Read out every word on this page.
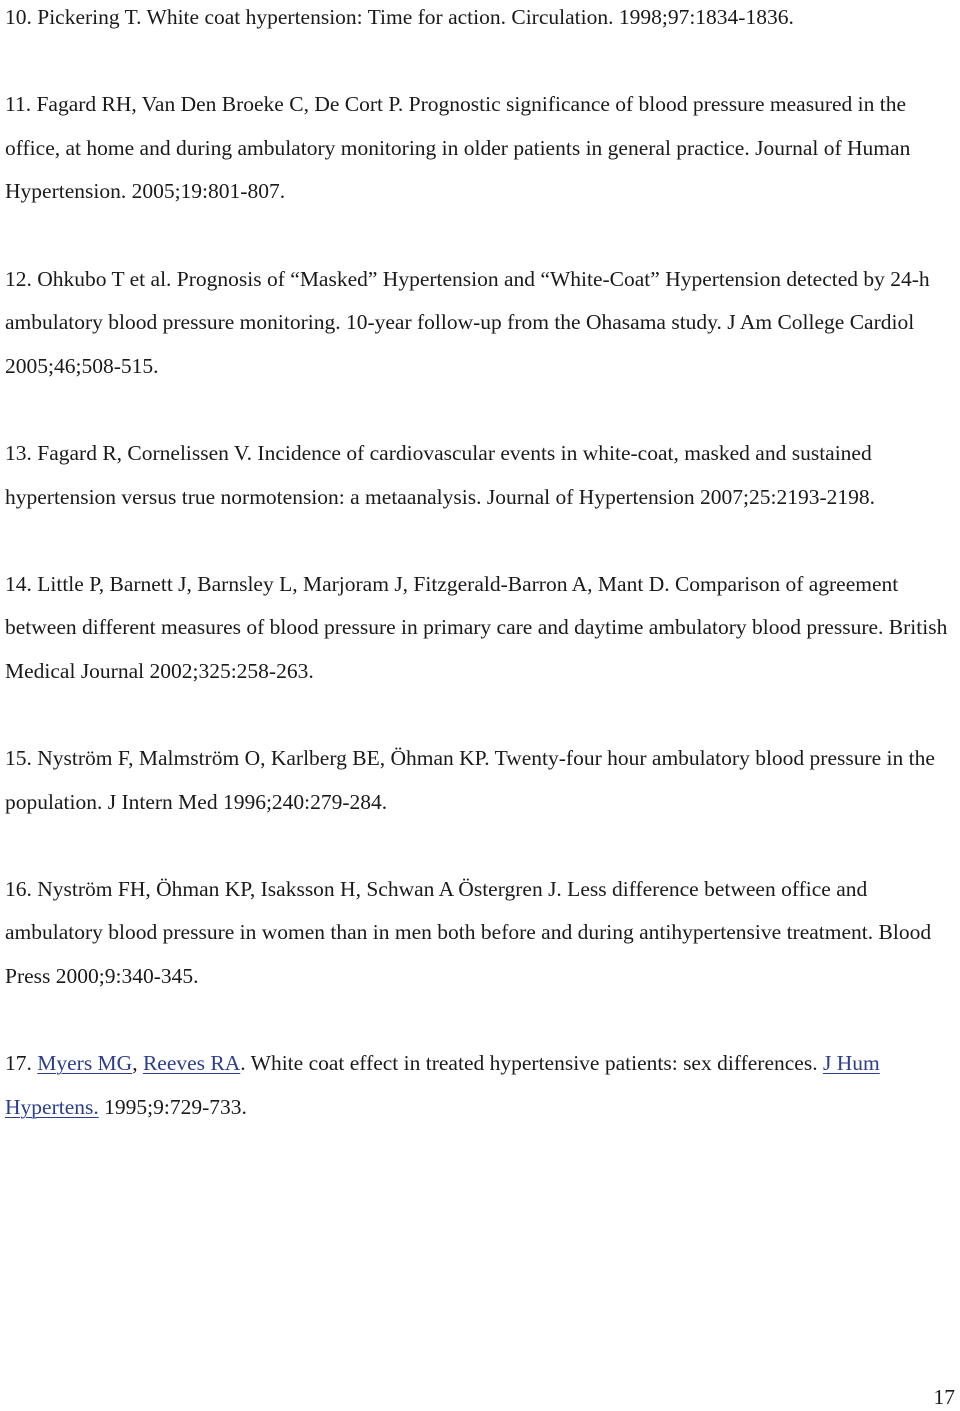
10. Pickering T. White coat hypertension: Time for action. Circulation. 1998;97:1834-1836.

11. Fagard RH, Van Den Broeke C, De Cort P. Prognostic significance of blood pressure measured in the office, at home and during ambulatory monitoring in older patients in general practice. Journal of Human Hypertension. 2005;19:801-807.

12. Ohkubo T et al. Prognosis of “Masked” Hypertension and “White-Coat” Hypertension detected by 24-h ambulatory blood pressure monitoring. 10-year follow-up from the Ohasama study. J Am College Cardiol 2005;46;508-515.

13. Fagard R, Cornelissen V. Incidence of cardiovascular events in white-coat, masked and sustained hypertension versus true normotension: a metaanalysis. Journal of Hypertension 2007;25:2193-2198.

14. Little P, Barnett J, Barnsley L, Marjoram J, Fitzgerald-Barron A, Mant D. Comparison of agreement between different measures of blood pressure in primary care and daytime ambulatory blood pressure. British Medical Journal 2002;325:258-263.

15. Nyström F, Malmström O, Karlberg BE, Öhman KP. Twenty-four hour ambulatory blood pressure in the population. J Intern Med 1996;240:279-284.

16. Nyström FH, Öhman KP, Isaksson H, Schwan A Östergren J. Less difference between office and ambulatory blood pressure in women than in men both before and during antihypertensive treatment. Blood Press 2000;9:340-345.

17. Myers MG, Reeves RA. White coat effect in treated hypertensive patients: sex differences. J Hum Hypertens. 1995;9:729-733.

17
